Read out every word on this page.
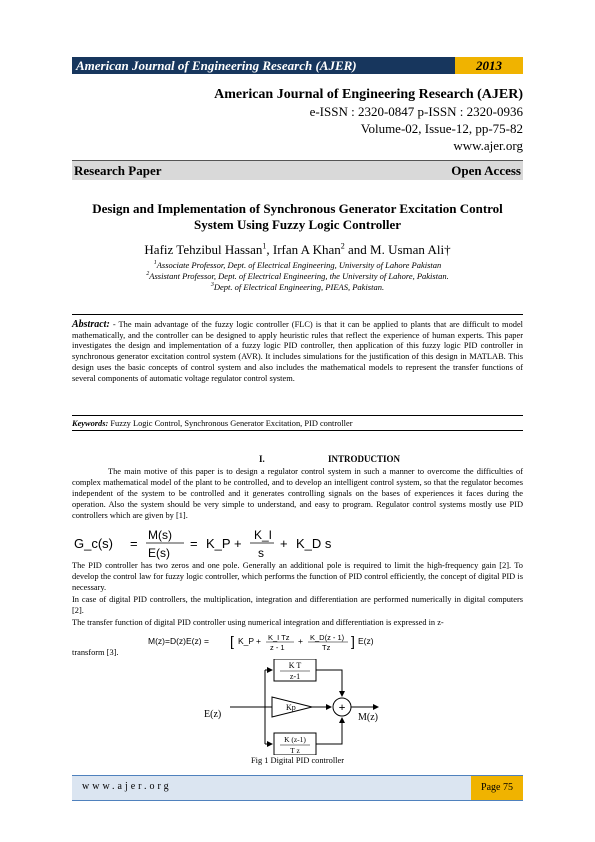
American Journal of Engineering Research (AJER)	2013
American Journal of Engineering Research (AJER)
e-ISSN : 2320-0847 p-ISSN : 2320-0936
Volume-02, Issue-12, pp-75-82
www.ajer.org
Research Paper	Open Access
Design and Implementation of Synchronous Generator Excitation Control
System Using Fuzzy Logic Controller
Hafiz Tehzibul Hassan$^1$, Irfan A Khan$^2$ and M. Usman Ali†
$^1$Associate Professor, Dept. of Electrical Engineering, University of Lahore Pakistan
$^2$Assistant Professor, Dept. of Electrical Engineering, the University of Lahore, Pakistan.
$^3$Dept. of Electrical Engineering, PIEAS, Pakistan.
Abstract: - The main advantage of the fuzzy logic controller (FLC) is that it can be applied to plants that are difficult to model mathematically, and the controller can be designed to apply heuristic rules that reflect the experience of human experts. This paper investigates the design and implementation of a fuzzy logic PID controller, then application of this fuzzy logic PID controller in synchronous generator excitation control system (AVR). It includes simulations for the justification of this design in MATLAB. This design uses the basic concepts of control system and also includes the mathematical models to represent the transfer functions of several components of automatic voltage regulator control system.
Keywords: Fuzzy Logic Control, Synchronous Generator Excitation, PID controller
I.	INTRODUCTION
The main motive of this paper is to design a regulator control system in such a manner to overcome the difficulties of complex mathematical model of the plant to be controlled, and to develop an intelligent control system, so that the regulator becomes independent of the system to be controlled and it generates controlling signals on the bases of experiences it faces during the operation. Also the system should be very simple to understand, and easy to program. Regulator control systems mostly use PID controllers which are given by [1].
G_c(s) =
M(s)
E(s)
= K_P +
K_I
s
+ K_D s
The PID controller has two zeros and one pole. Generally an additional pole is required to limit the high-frequency gain [2]. To develop the control law for fuzzy logic controller, which performs the function of PID control efficiently, the concept of digital PID is necessary.
In case of digital PID controllers, the multiplication, integration and differentiation are performed numerically in digital computers [2].
The transfer function of digital PID controller using numerical integration and differentiation is expressed in z-
M(z)=D(z)E(z) = [ K_P + K_I Tz
z - 1
+ K_D(z - 1)
Tz ] E(z)
transform [3].
K T
z-1
Kp
K (z-1)
T z
+
E(z)	M(z)
Fig 1 Digital PID controller
www.ajer.org	Page 75
